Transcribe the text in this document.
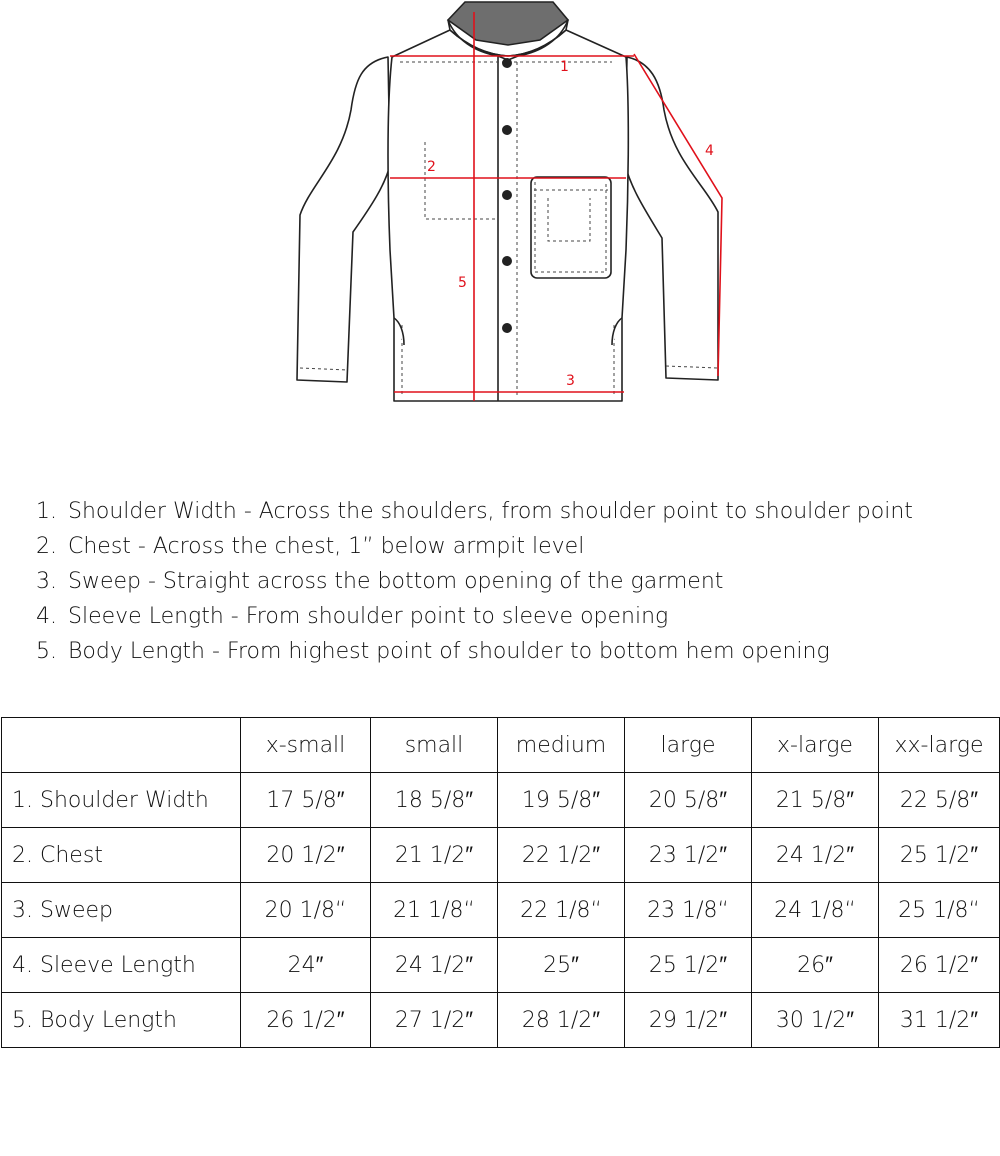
1
2
3
4
5
1. Shoulder Width - Across the shoulders, from shoulder point to shoulder point
2. Chest - Across the chest, 1” below armpit level
3. Sweep - Straight across the bottom opening of the garment
4. Sleeve Length - From shoulder point to sleeve opening
5. Body Length - From highest point of shoulder to bottom hem opening
	x-small	small	medium	large	x-large	xx-large
1. Shoulder Width	17 5/8″	18 5/8″	19 5/8″	20 5/8″	21 5/8″	22 5/8″
2. Chest	20 1/2″	21 1/2″	22 1/2″	23 1/2″	24 1/2″	25 1/2″
3. Sweep	20 1/8“	21 1/8“	22 1/8“	23 1/8“	24 1/8“	25 1/8“
4. Sleeve Length	24″	24 1/2″	25″	25 1/2″	26″	26 1/2″
5. Body Length	26 1/2″	27 1/2″	28 1/2″	29 1/2″	30 1/2″	31 1/2″
